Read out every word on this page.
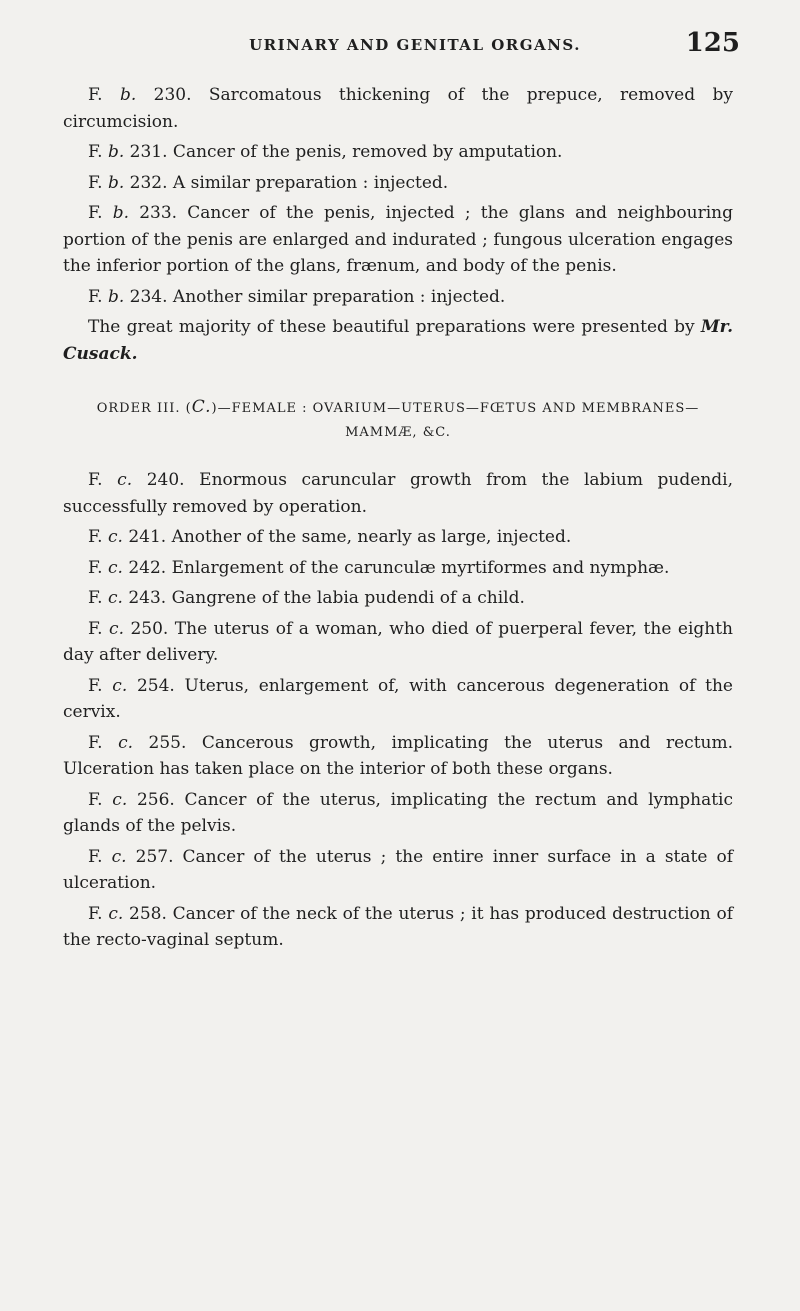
URINARY AND GENITAL ORGANS.	125

F. b. 230. Sarcomatous thickening of the prepuce, removed by circumcision.

F. b. 231. Cancer of the penis, removed by amputation.

F. b. 232. A similar preparation : injected.

F. b. 233. Cancer of the penis, injected ; the glans and neighbouring portion of the penis are enlarged and indurated ; fungous ulceration engages the inferior portion of the glans, frænum, and body of the penis.

F. b. 234. Another similar preparation : injected.

The great majority of these beautiful preparations were presented by Mr. Cusack.

ORDER III. (C.)—FEMALE : OVARIUM—UTERUS—FŒTUS AND MEMBRANES—MAMMÆ, &C.

F. c. 240. Enormous caruncular growth from the labium pudendi, successfully removed by operation.

F. c. 241. Another of the same, nearly as large, injected.

F. c. 242. Enlargement of the carunculæ myrtiformes and nymphæ.

F. c. 243. Gangrene of the labia pudendi of a child.

F. c. 250. The uterus of a woman, who died of puerperal fever, the eighth day after delivery.

F. c. 254. Uterus, enlargement of, with cancerous degeneration of the cervix.

F. c. 255. Cancerous growth, implicating the uterus and rectum. Ulceration has taken place on the interior of both these organs.

F. c. 256. Cancer of the uterus, implicating the rectum and lymphatic glands of the pelvis.

F. c. 257. Cancer of the uterus ; the entire inner surface in a state of ulceration.

F. c. 258. Cancer of the neck of the uterus ; it has produced destruction of the recto-vaginal septum.
